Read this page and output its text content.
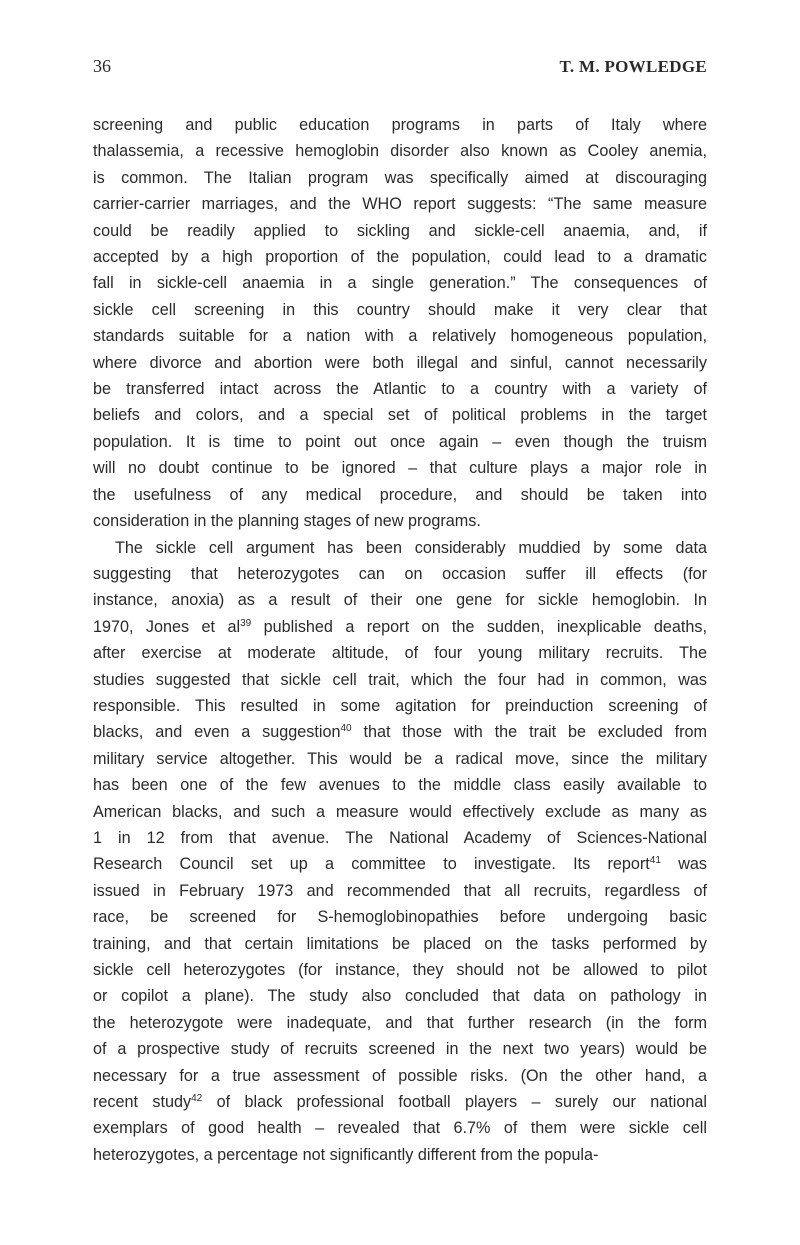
36	T. M. POWLEDGE
screening and public education programs in parts of Italy where
thalassemia, a recessive hemoglobin disorder also known as Cooley anemia,
is common. The Italian program was specifically aimed at discouraging
carrier-carrier marriages, and the WHO report suggests: “The same measure
could be readily applied to sickling and sickle-cell anaemia, and, if
accepted by a high proportion of the population, could lead to a dramatic
fall in sickle-cell anaemia in a single generation.” The consequences of
sickle cell screening in this country should make it very clear that
standards suitable for a nation with a relatively homogeneous population,
where divorce and abortion were both illegal and sinful, cannot necessarily
be transferred intact across the Atlantic to a country with a variety of
beliefs and colors, and a special set of political problems in the target
population. It is time to point out once again – even though the truism
will no doubt continue to be ignored – that culture plays a major role in
the usefulness of any medical procedure, and should be taken into
consideration in the planning stages of new programs.
The sickle cell argument has been considerably muddied by some data
suggesting that heterozygotes can on occasion suffer ill effects (for
instance, anoxia) as a result of their one gene for sickle hemoglobin. In
1970, Jones et $al^{39}$ published a report on the sudden, inexplicable deaths,
after exercise at moderate altitude, of four young military recruits. The
studies suggested that sickle cell trait, which the four had in common, was
responsible. This resulted in some agitation for preinduction screening of
blacks, and even a suggestion$^{40}$ that those with the trait be excluded from
military service altogether. This would be a radical move, since the military
has been one of the few avenues to the middle class easily available to
American blacks, and such a measure would effectively exclude as many as
1 in 12 from that avenue. The National Academy of Sciences-National
Research Council set up a committee to investigate. Its report$^{41}$ was
issued in February 1973 and recommended that all recruits, regardless of
race, be screened for S-hemoglobinopathies before undergoing basic
training, and that certain limitations be placed on the tasks performed by
sickle cell heterozygotes (for instance, they should not be allowed to pilot
or copilot a plane). The study also concluded that data on pathology in
the heterozygote were inadequate, and that further research (in the form
of a prospective study of recruits screened in the next two years) would be
necessary for a true assessment of possible risks. (On the other hand, a
recent study$^{42}$ of black professional football players – surely our national
exemplars of good health – revealed that 6.7% of them were sickle cell
heterozygotes, a percentage not significantly different from the popula-
